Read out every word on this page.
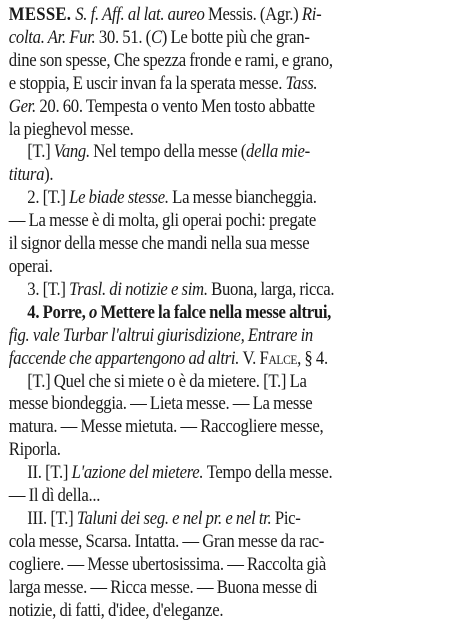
MESSE. S. f. Aff. al lat. aureo Messis. (Agr.) Ri-
colta. Ar. Fur. 30. 51. (C) Le botte più che gran-
dine son spesse, Che spezza fronde e rami, e grano,
e stoppia, E uscir invan fa la sperata messe. Tass.
Ger. 20. 60. Tempesta o vento Men tosto abbatte
la pieghevol messe.
[T.] Vang. Nel tempo della messe (della mie-
titura).
2. [T.] Le biade stesse. La messe biancheggia.
— La messe è di molta, gli operai pochi: pregate
il signor della messe che mandi nella sua messe
operai.
3. [T.] Trasl. di notizie e sim. Buona, larga, ricca.
4. Porre, o Mettere la falce nella messe altrui,
fig. vale Turbar l'altrui giurisdizione, Entrare in
faccende che appartengono ad altri. V. Falce, § 4.
[T.] Quel che si miete o è da mietere. [T.] La
messe biondeggia. — Lieta messe. — La messe
matura. — Messe mietuta. — Raccogliere messe,
Riporla.
II. [T.] L'azione del mietere. Tempo della messe.
— Il dì della...
III. [T.] Taluni dei seg. e nel pr. e nel tr. Pic-
cola messe, Scarsa. Intatta. — Gran messe da rac-
cogliere. — Messe ubertosissima. — Raccolta già
larga messe. — Ricca messe. — Buona messe di
notizie, di fatti, d'idee, d'eleganze.
